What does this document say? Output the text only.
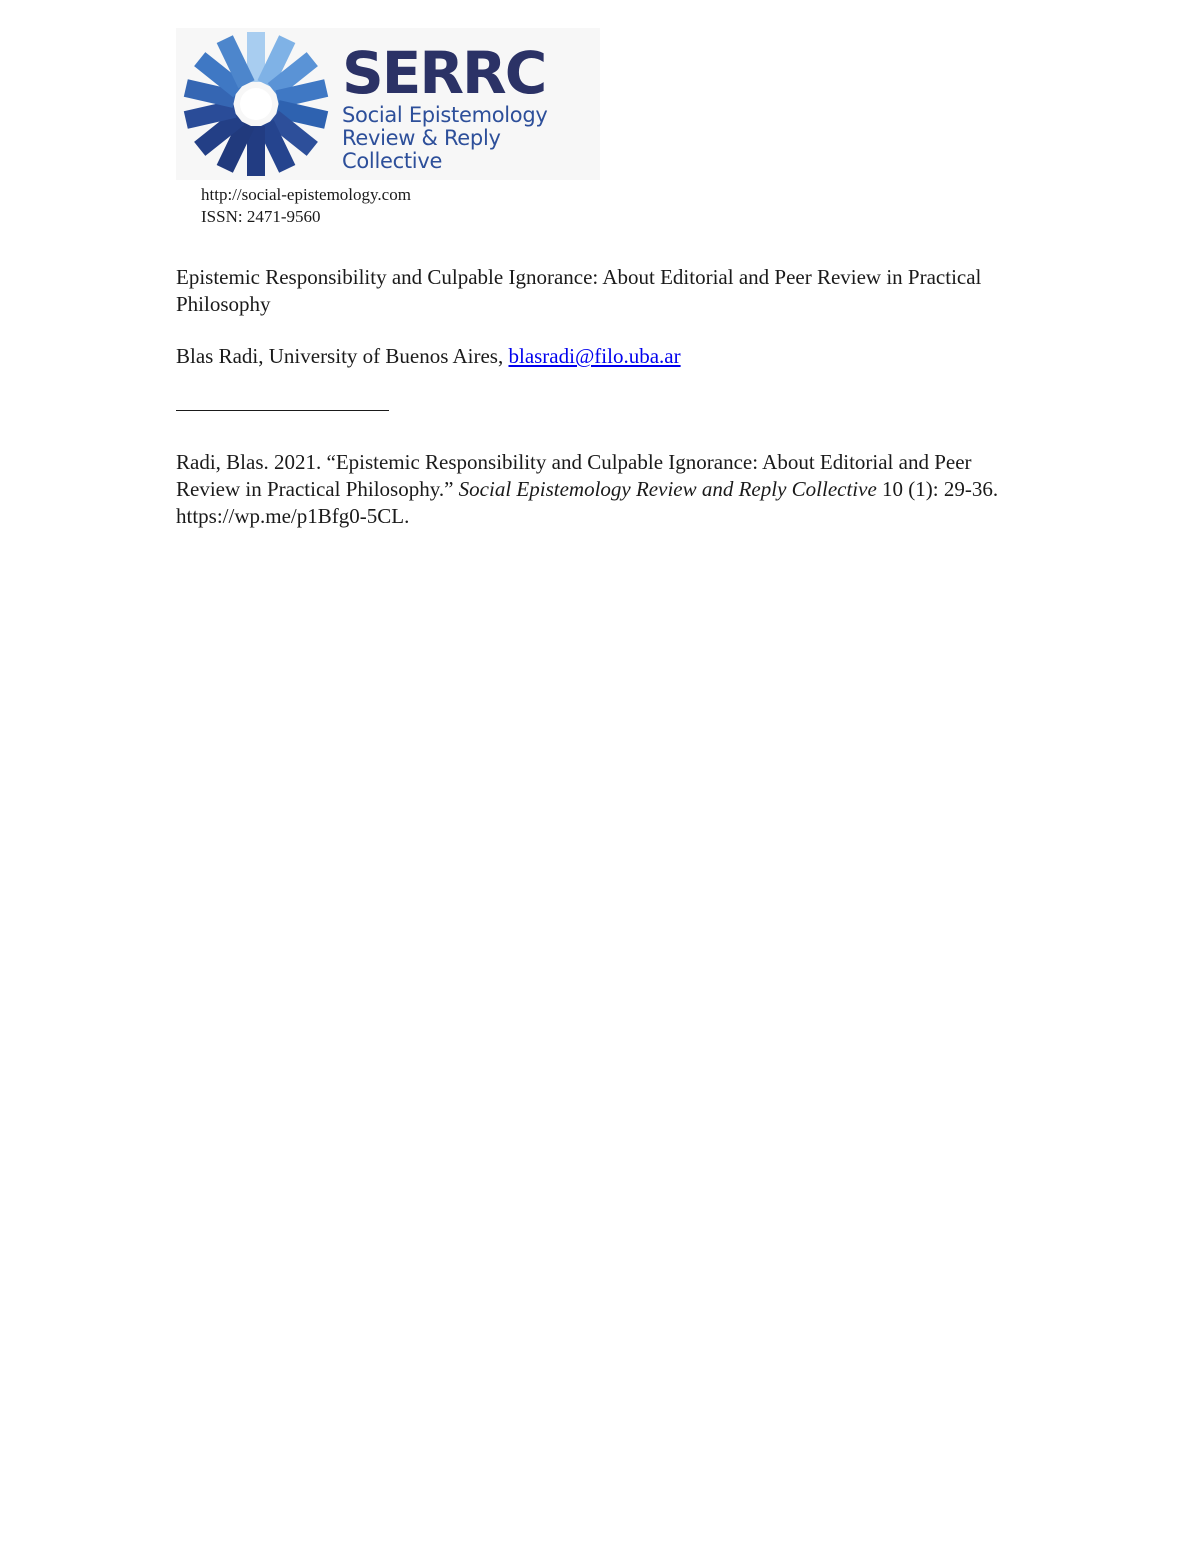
SERRC
Social Epistemology
Review & Reply Collective
http://social-epistemology.com
ISSN: 2471-9560
Epistemic Responsibility and Culpable Ignorance: About Editorial and Peer Review in Practical Philosophy
Blas Radi, University of Buenos Aires, blasradi@filo.uba.ar
Radi, Blas. 2021. “Epistemic Responsibility and Culpable Ignorance: About Editorial and Peer Review in Practical Philosophy.” Social Epistemology Review and Reply Collective 10 (1): 29-36. https://wp.me/p1Bfg0-5CL.
